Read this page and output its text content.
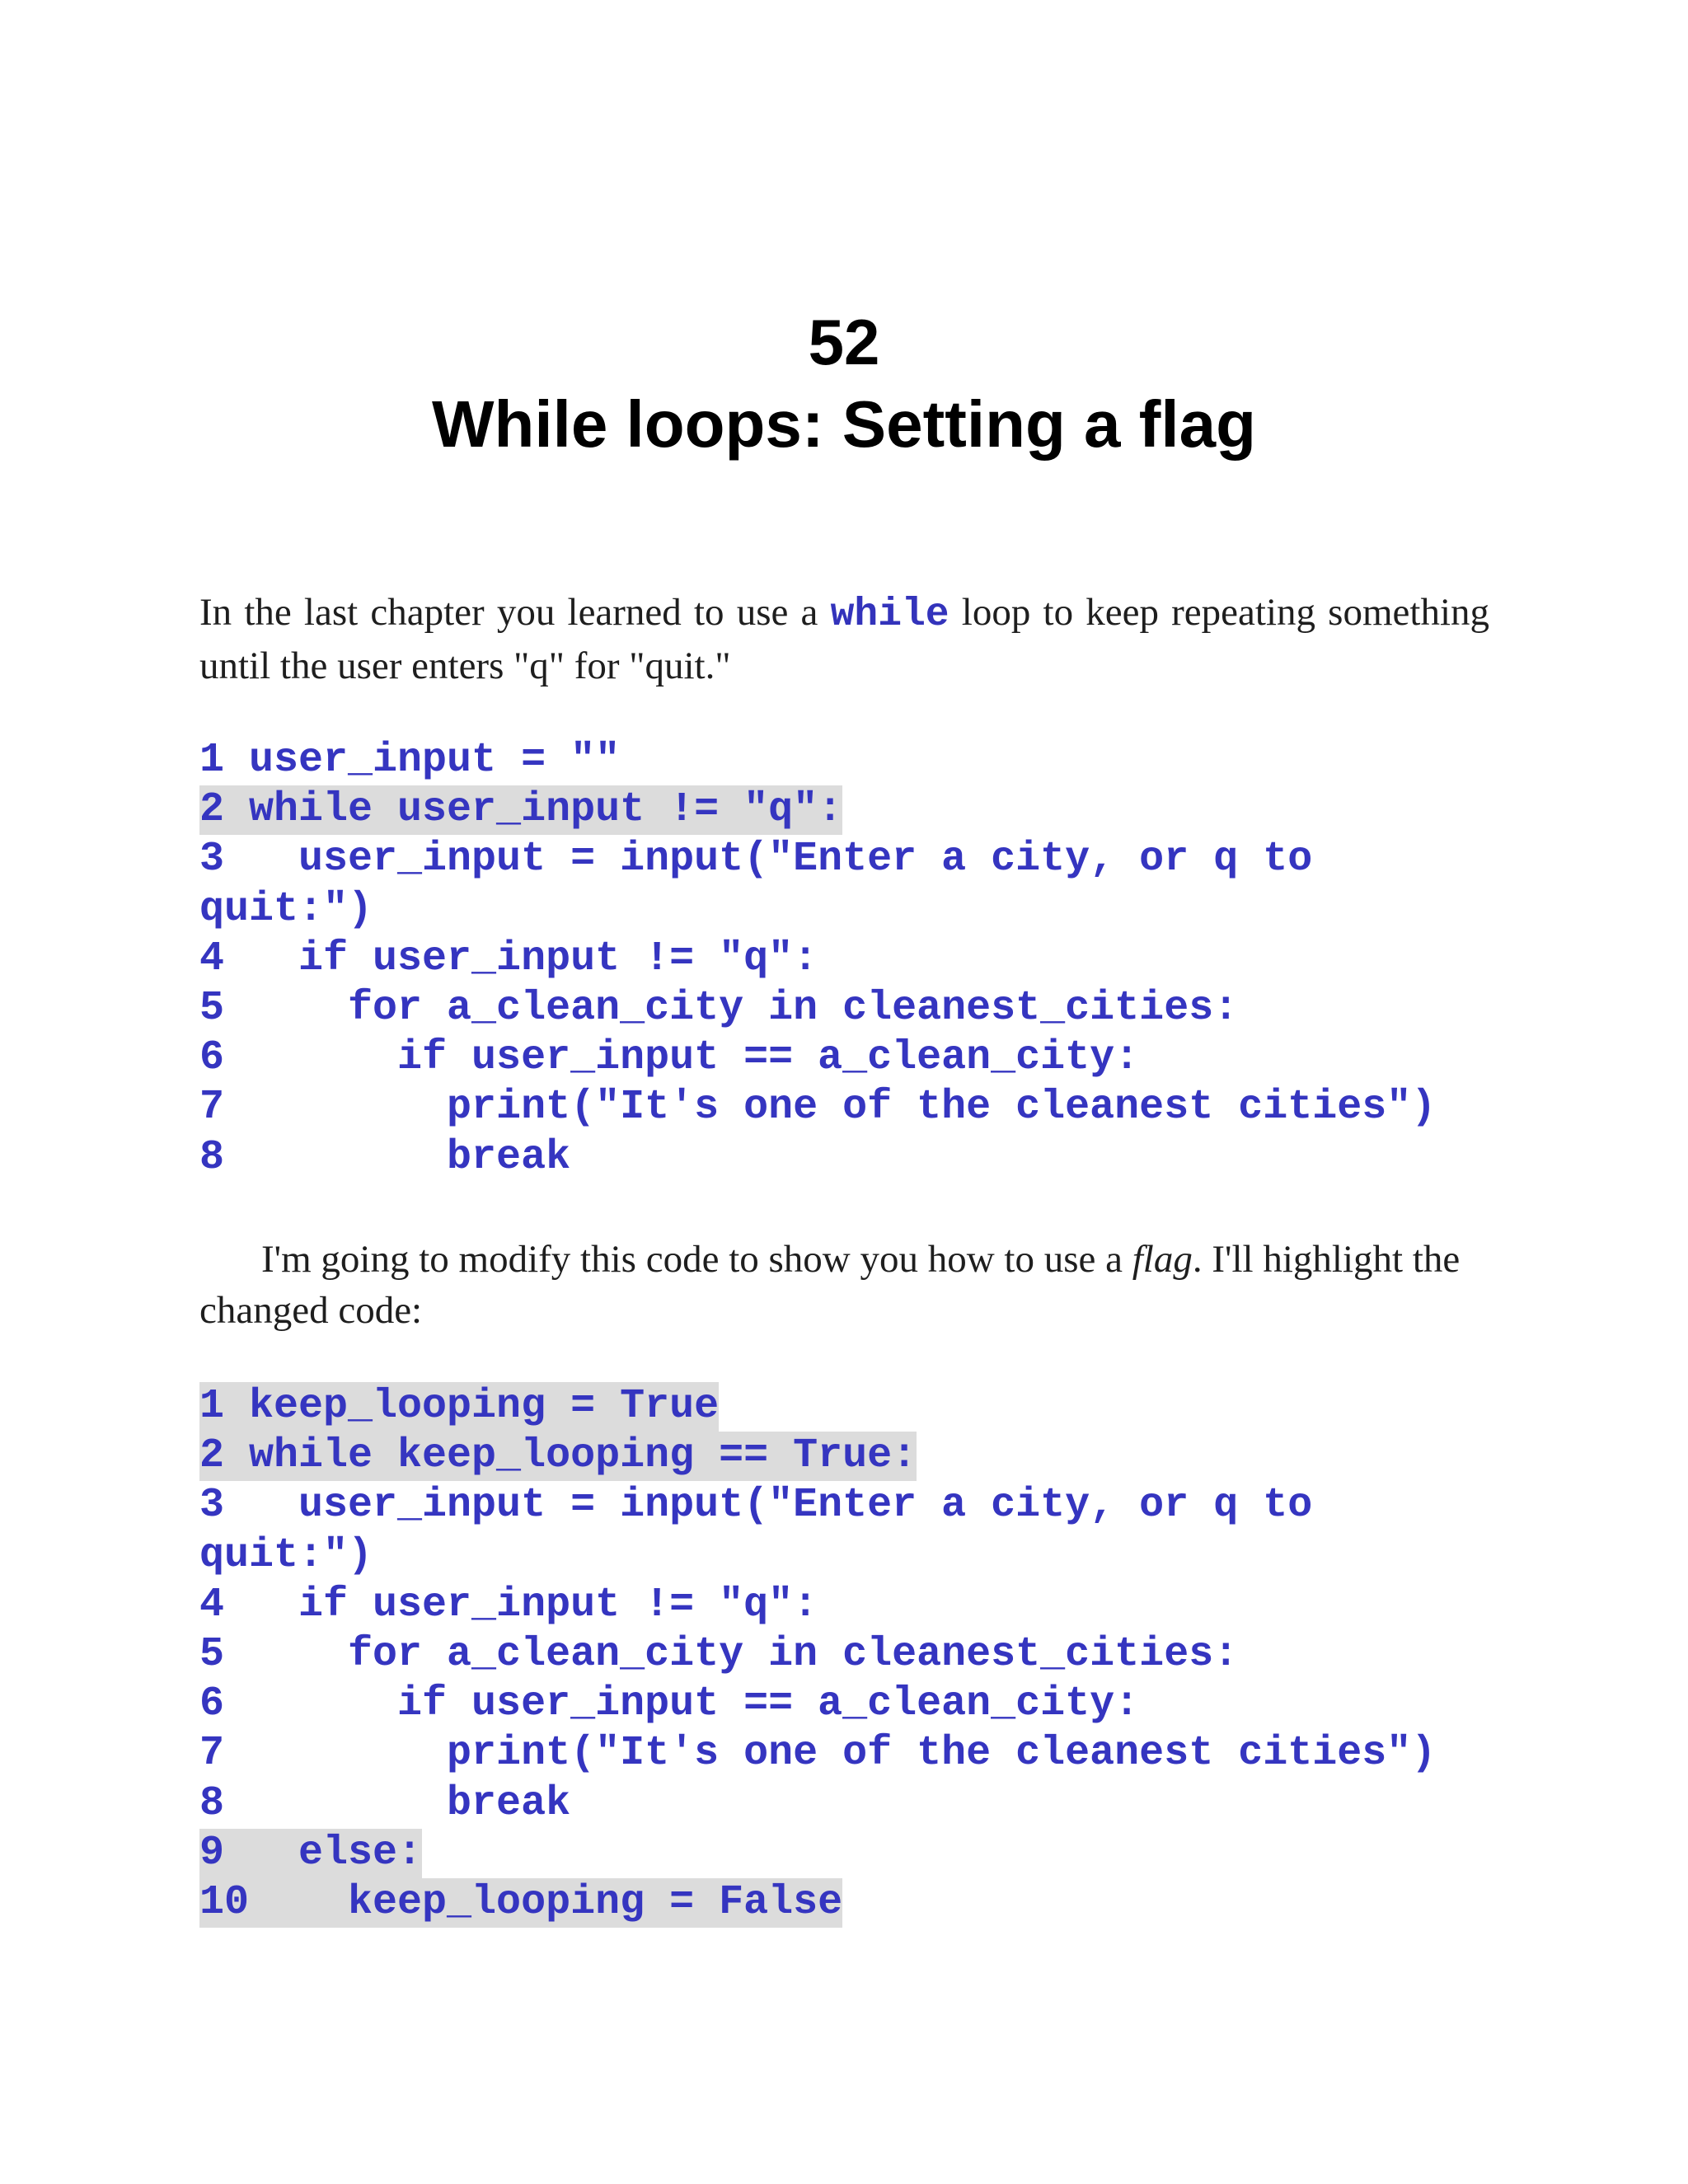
52
While loops: Setting a flag

In the last chapter you learned to use a while loop to keep repeating something until the user enters "q" for "quit."

1 user_input = ""
2 while user_input != "q":
3   user_input = input("Enter a city, or q to
quit:")
4   if user_input != "q":
5     for a_clean_city in cleanest_cities:
6       if user_input == a_clean_city:
7         print("It's one of the cleanest cities")
8         break

I'm going to modify this code to show you how to use a flag. I'll highlight the changed code:

1 keep_looping = True
2 while keep_looping == True:
3   user_input = input("Enter a city, or q to
quit:")
4   if user_input != "q":
5     for a_clean_city in cleanest_cities:
6       if user_input == a_clean_city:
7         print("It's one of the cleanest cities")
8         break
9   else:
10    keep_looping = False
